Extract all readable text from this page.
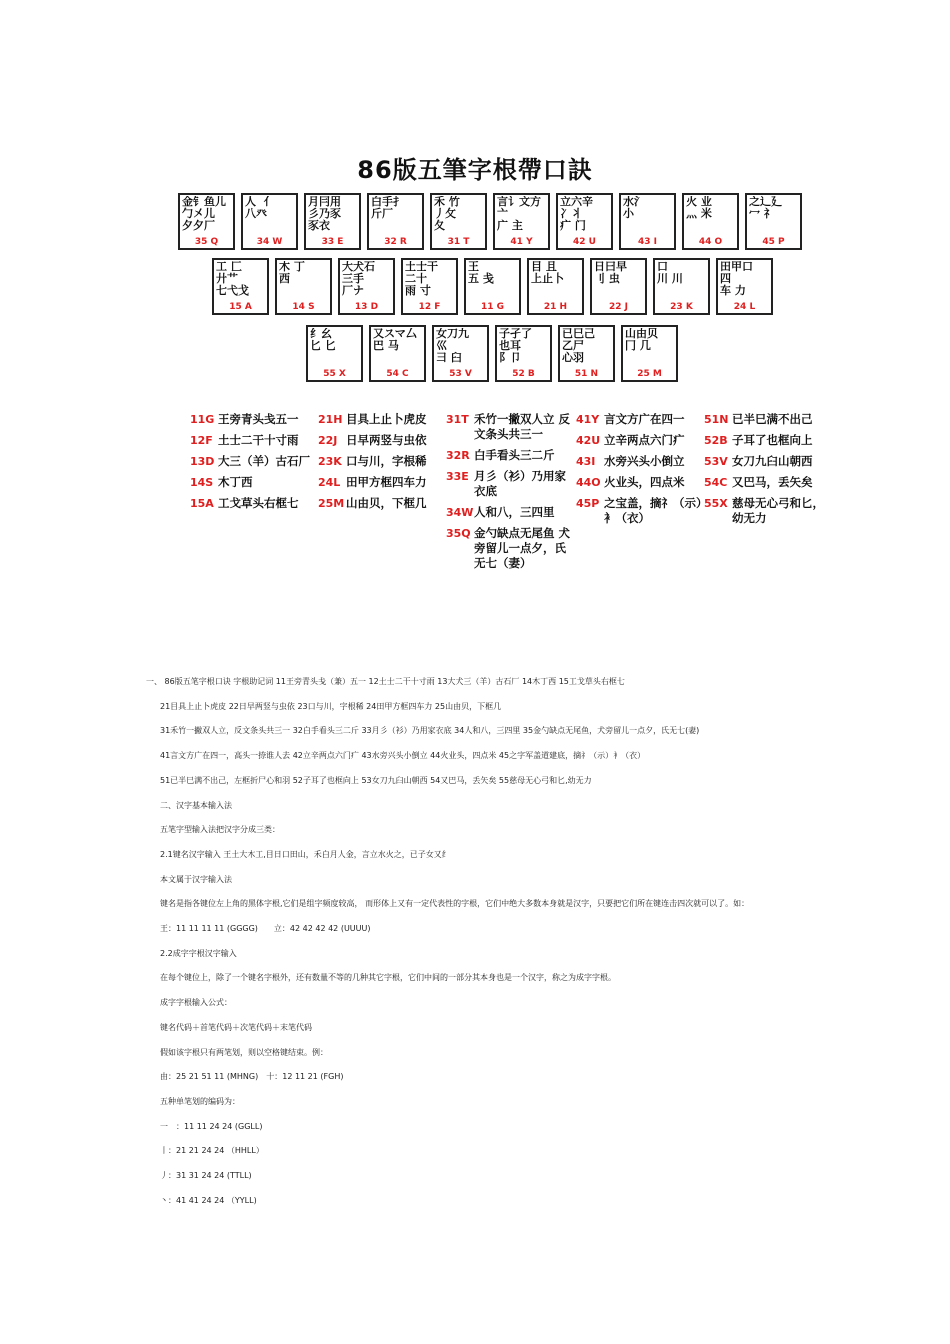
86版五筆字根帶口訣
金钅鱼儿
勹㐅儿
夕夕厂
35 Q
人  亻
八癶
34 W
月冃用
彡乃豕
豕衣
33 E
白手扌
斤厂
32 R
禾 竹
丿攵
夂
31 T
言讠文方
亠
广 主
41 Y
立六辛
冫丬
疒 门
42 U
水氵
小
43 I
火 业
灬 米
44 O
之辶廴
冖 礻
45 P
工 匚
廾艹
七弋戈
15 A
木 丁
西
14 S
大犬石
三手
厂ナ
13 D
土士干
二十
雨 寸
12 F
王
五 戋
11 G
目 且
上止卜
21 H
日曰早
刂 虫
22 J
口
川 川
23 K
田甲口
四
车 力
24 L
纟幺
匕 匕
55 X
又スマ厶
巴 马
54 C
女刀九
巛
彐 臼
53 V
子孑了
也耳
阝卩
52 B
已巳己
乙尸
心羽
51 N
山由贝
冂 几
25 M
11G 王旁青头戋五一
12F 土士二干十寸雨
13D 大三（羊）古石厂
14S 木丁西
15A 工戈草头右框七
21H 目具上止卜虎皮
22J 日早两竖与虫依
23K 口与川，字根稀
24L 田甲方框四车力
25M 山由贝，下框几
31T 禾竹一撇双人立 反文条头共三一
32R 白手看头三二斤
33E 月彡（衫）乃用家衣底
34W 人和八，三四里
35Q 金勺缺点无尾鱼 犬旁留儿一点夕，氏无七（妻）
41Y 言文方广在四一
42U 立辛两点六门疒
43I 水旁兴头小倒立
44O 火业头，四点米
45P 之宝盖，摘礻（示）衤（衣）
51N 已半巳满不出己
52B 子耳了也框向上
53V 女刀九臼山朝西
54C 又巴马，丢矢矣
55X 慈母无心弓和匕，幼无力

一、 86版五笔字根口诀 字根助记词 11王旁青头戋（兼）五一 12土士二干十寸雨 13大犬三（羊）古石厂 14木丁西 15工戈草头右框七

21目具上止卜虎皮 22日早两竖与虫依 23口与川，字根稀 24田甲方框四车力 25山由贝，下框几

31禾竹一撇双人立，反文条头共三一 32白手看头三二斤 33月彡（衫）乃用家衣底 34人和八，三四里 35金勺缺点无尾鱼，犬旁留儿一点夕，氏无七(妻)

41言文方广在四一，高头一捺谁人去 42立辛两点六门疒 43水旁兴头小倒立 44火业头，四点米 45之字军盖道建底，摘礻（示）衤（衣）

51已半巳满不出己，左框折尸心和羽 52子耳了也框向上 53女刀九臼山朝西 54又巴马，丢矢矣 55慈母无心弓和匕,幼无力

二、汉字基本输入法

五笔字型输入法把汉字分成三类：

2.1键名汉字输入 王土大木工,目日口田山，禾白月人金，言立水火之，已子女又纟

本文属于汉字输入法

键名是指各键位左上角的黑体字根,它们是组字频度较高， 而形体上又有一定代表性的字根，它们中绝大多数本身就是汉字，只要把它们所在键连击四次就可以了。如：

王：11 11 11 11 (GGGG)　　立：42 42 42 42 (UUUU)

2.2成字字根汉字输入

在每个键位上，除了一个键名字根外，还有数量不等的几种其它字根，它们中间的一部分其本身也是一个汉字，称之为成字字根。

成字字根输入公式：

键名代码＋首笔代码＋次笔代码＋末笔代码

假如该字根只有两笔划，则以空格键结束。例：

由：25 21 51 11 (MHNG)　十：12 11 21 (FGH)

五种单笔划的编码为：

一　：11 11 24 24 (GGLL)

丨：21 21 24 24 （HHLL）

丿：31 31 24 24 (TTLL)

丶：41 41 24 24 （YYLL)
